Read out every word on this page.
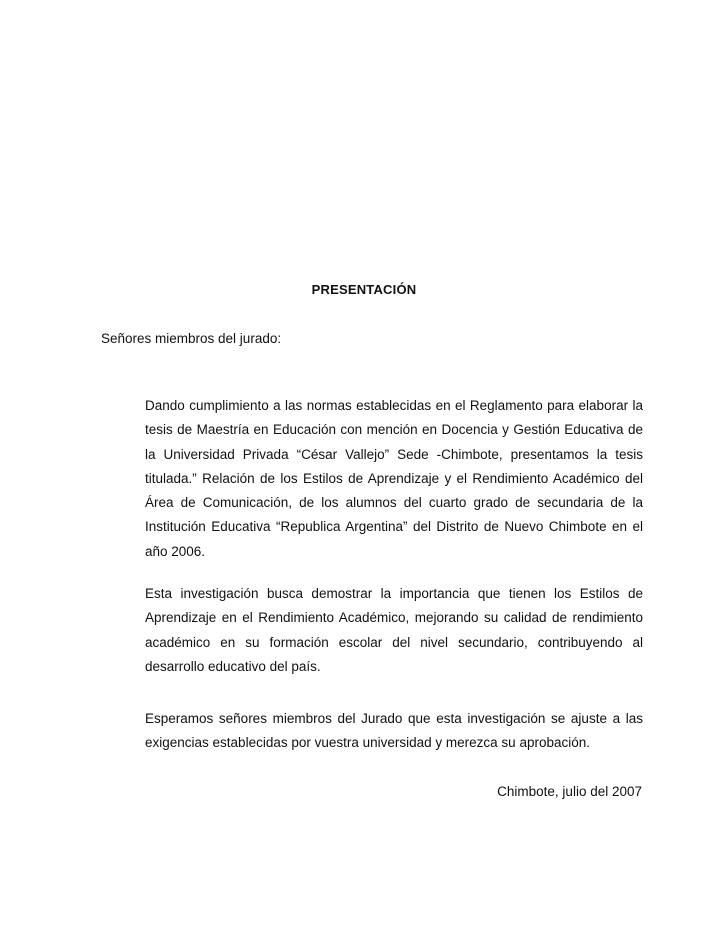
PRESENTACIÓN
Señores miembros del jurado:

Dando cumplimiento a las normas establecidas en el Reglamento para elaborar la tesis de Maestría en Educación con mención en Docencia y Gestión Educativa de la Universidad Privada “César Vallejo” Sede -Chimbote, presentamos la tesis titulada.” Relación de los Estilos de Aprendizaje y el Rendimiento Académico del Área de Comunicación, de los alumnos del cuarto grado de secundaria de la Institución Educativa “Republica Argentina” del Distrito de Nuevo Chimbote en el año 2006.

Esta investigación busca demostrar la importancia que tienen los Estilos de Aprendizaje en el Rendimiento Académico, mejorando su calidad de rendimiento académico en su formación escolar del nivel secundario, contribuyendo al desarrollo educativo del país.

Esperamos señores miembros del Jurado que esta investigación se ajuste a las exigencias establecidas por vuestra universidad y merezca su aprobación.

Chimbote, julio del 2007
